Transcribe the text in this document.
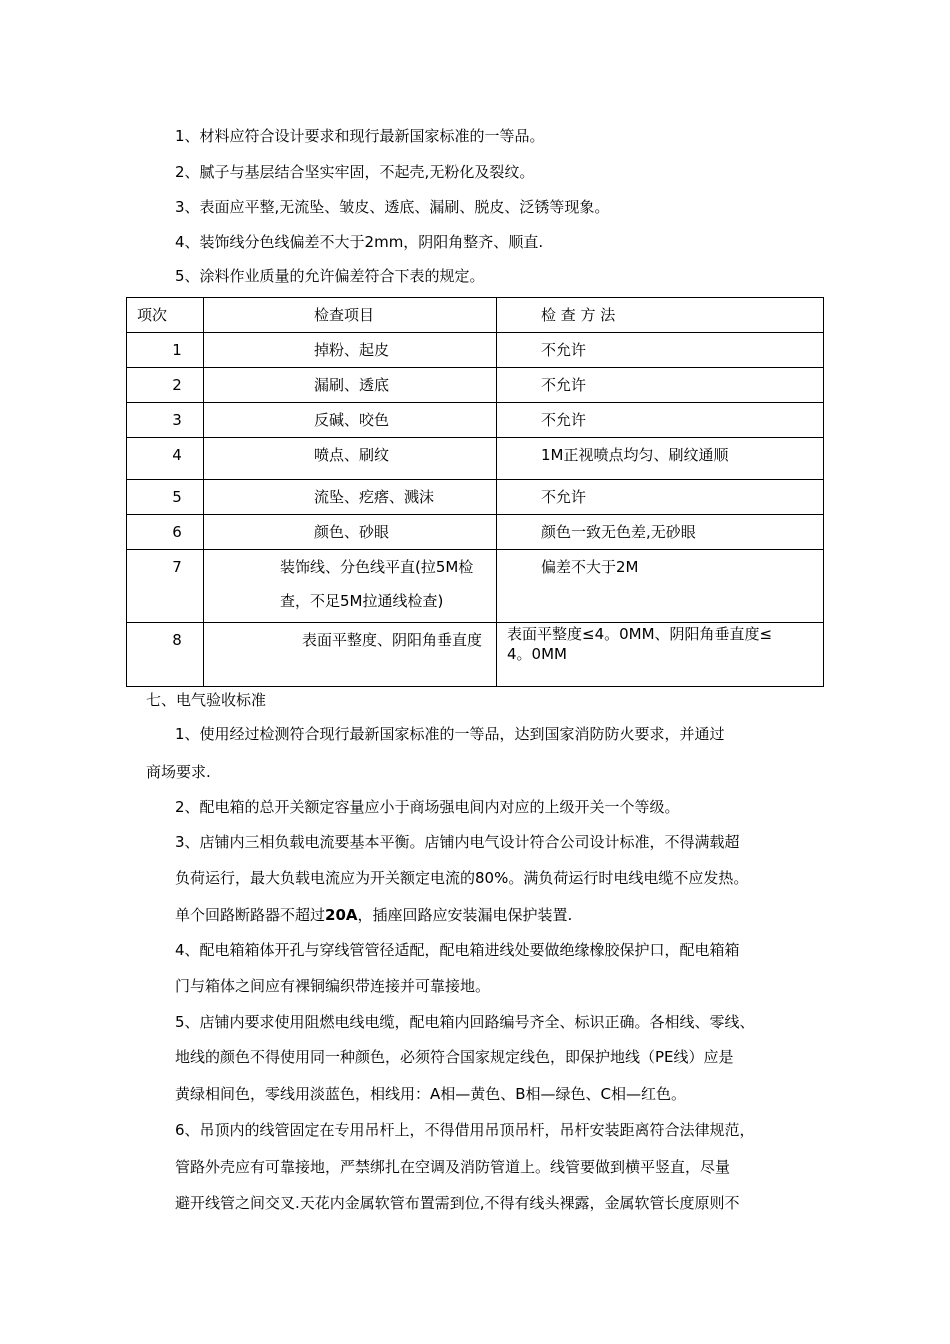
1、材料应符合设计要求和现行最新国家标准的一等品。
2、腻子与基层结合坚实牢固，不起壳,无粉化及裂纹。
3、表面应平整,无流坠、皱皮、透底、漏刷、脱皮、泛锈等现象。
4、装饰线分色线偏差不大于2mm，阴阳角整齐、顺直.
5、涂料作业质量的允许偏差符合下表的规定。
项次	检查项目	检 查 方 法

1	掉粉、起皮	不允许

2	漏刷、透底	不允许

3	反碱、咬色	不允许

4	喷点、刷纹	1M正视喷点均匀、刷纹通顺

5	流坠、疙瘩、溅沫	不允许

6	颜色、砂眼	颜色一致无色差,无砂眼

7	装饰线、分色线平直(拉5M检查，不足5M拉通线检查)	偏差不大于2M

8	表面平整度、阴阳角垂直度	表面平整度≤4。0MM、阴阳角垂直度≤4。0MM
七、电气验收标准
1、使用经过检测符合现行最新国家标准的一等品，达到国家消防防火要求，并通过
商场要求.
2、配电箱的总开关额定容量应小于商场强电间内对应的上级开关一个等级。
3、店铺内三相负载电流要基本平衡。店铺内电气设计符合公司设计标准，不得满载超
负荷运行，最大负载电流应为开关额定电流的80%。满负荷运行时电线电缆不应发热。
单个回路断路器不超过20A，插座回路应安装漏电保护装置.
4、配电箱箱体开孔与穿线管管径适配，配电箱进线处要做绝缘橡胶保护口，配电箱箱
门与箱体之间应有裸铜编织带连接并可靠接地。
5、店铺内要求使用阻燃电线电缆，配电箱内回路编号齐全、标识正确。各相线、零线、
地线的颜色不得使用同一种颜色，必须符合国家规定线色，即保护地线（PE线）应是
黄绿相间色，零线用淡蓝色，相线用：A相—黄色、B相—绿色、C相—红色。
6、吊顶内的线管固定在专用吊杆上，不得借用吊顶吊杆，吊杆安装距离符合法律规范，
管路外壳应有可靠接地，严禁绑扎在空调及消防管道上。线管要做到横平竖直，尽量
避开线管之间交叉.天花内金属软管布置需到位,不得有线头裸露，金属软管长度原则不
